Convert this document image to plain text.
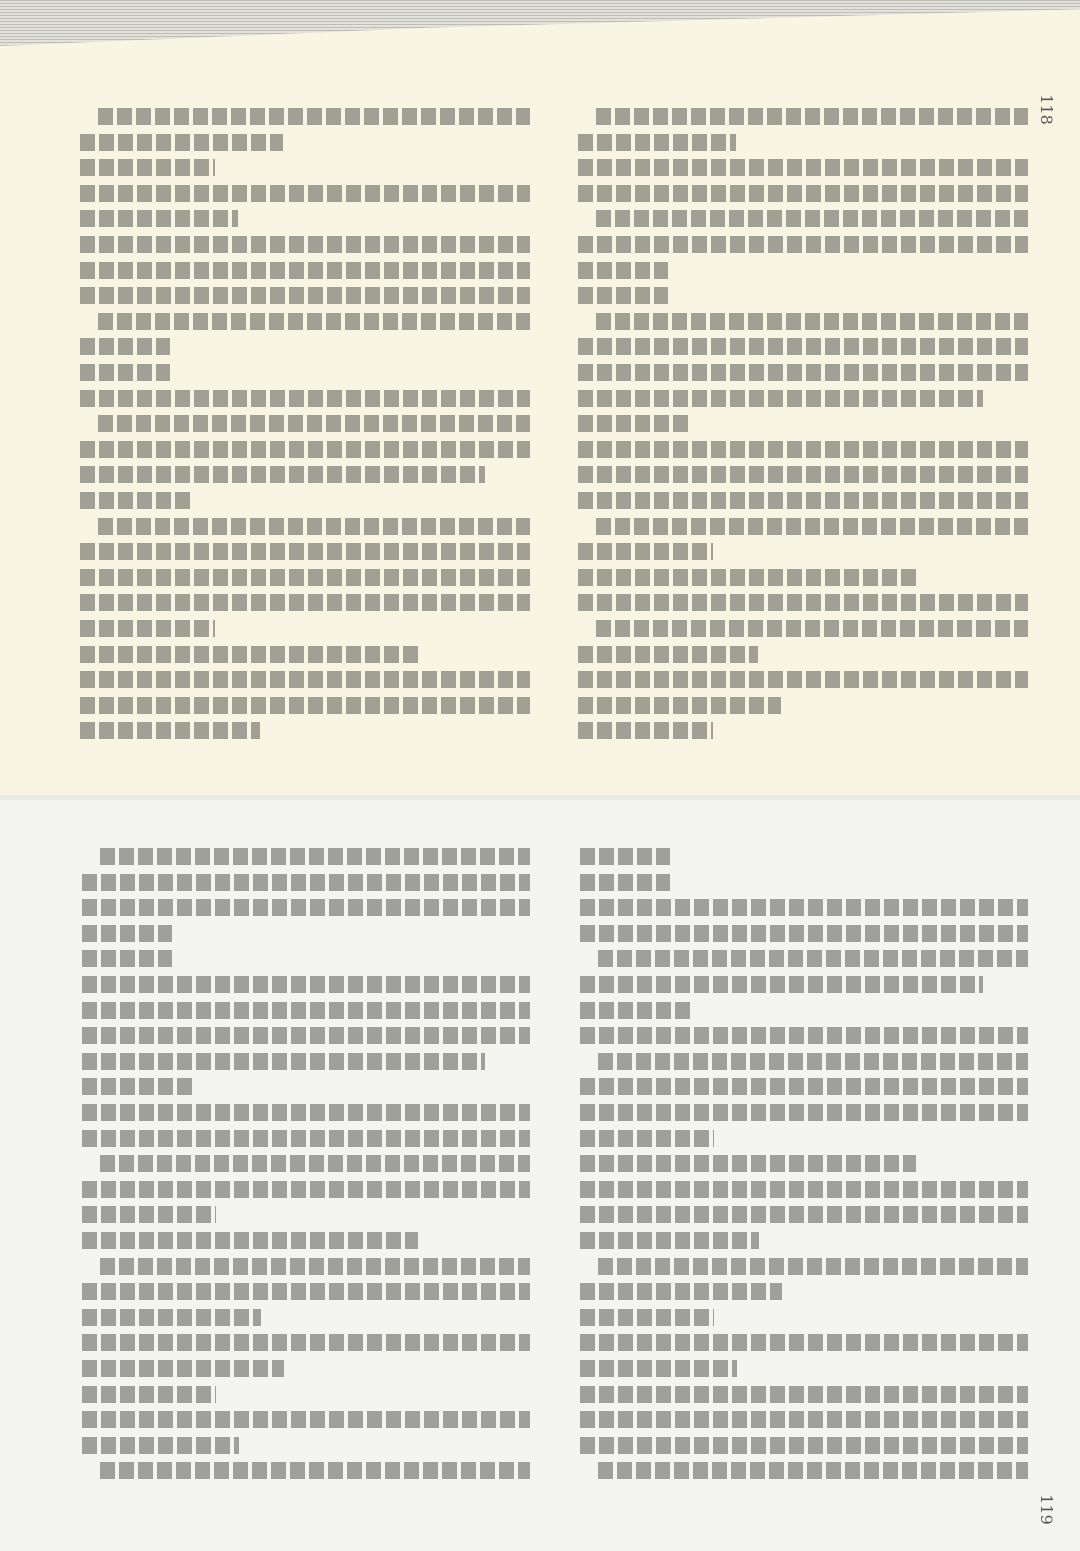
118
119
